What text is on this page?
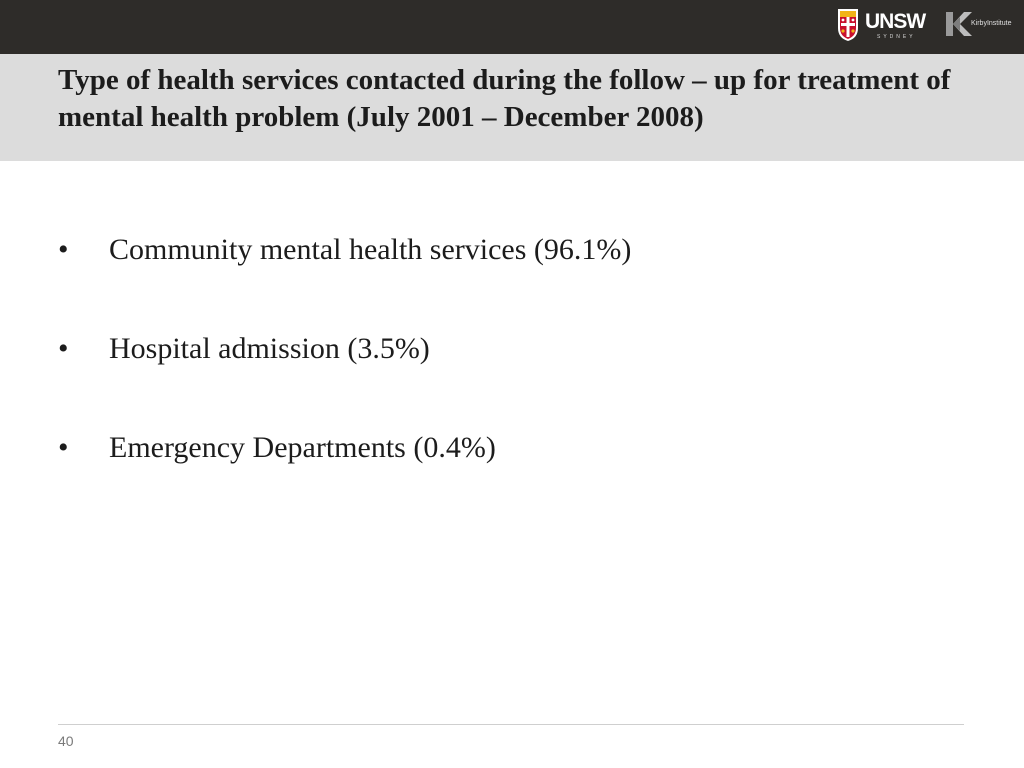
UNSW
SYDNEY
KirbyInstitute
Type of health services contacted during the follow – up for treatment of mental health problem (July 2001 – December 2008)
•	Community mental health services (96.1%)
•	Hospital admission (3.5%)
•	Emergency Departments (0.4%)
40
